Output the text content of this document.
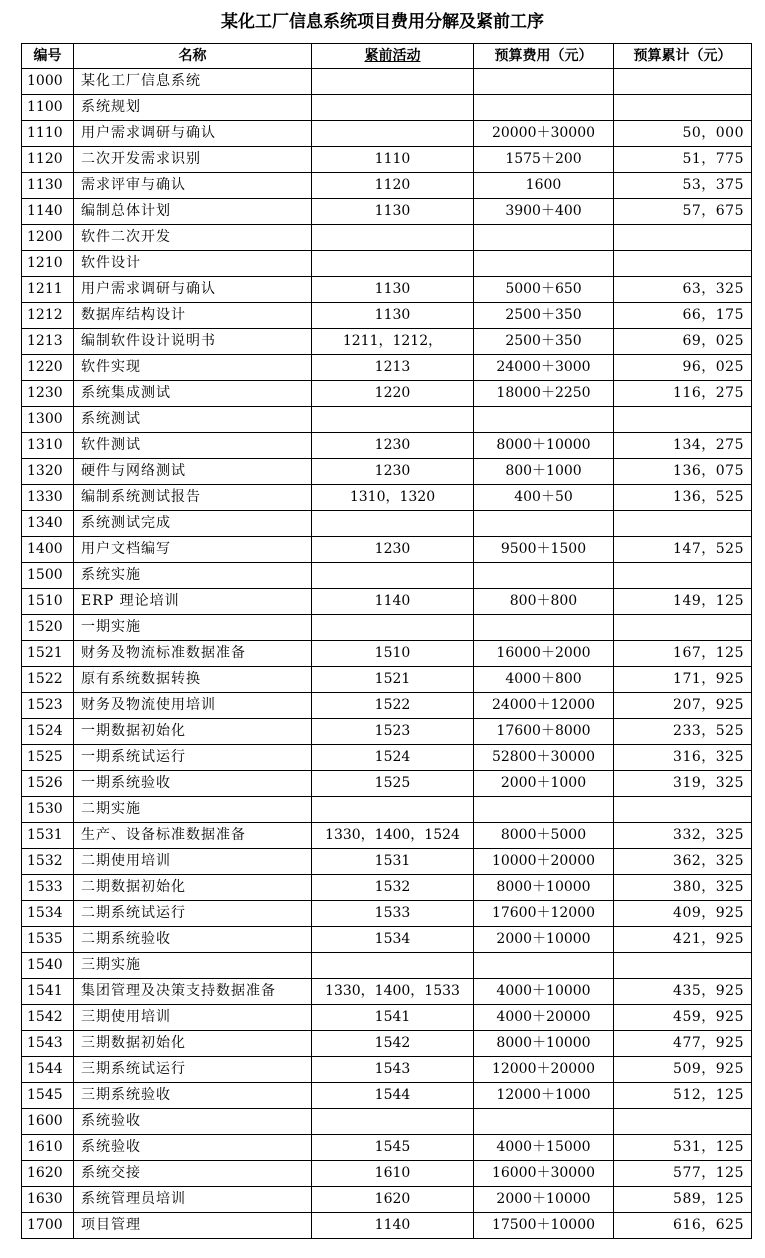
某化工厂信息系统项目费用分解及紧前工序
编号	名称	紧前活动	预算费用（元）	预算累计（元）
1000	某化工厂信息系统			
1100	系统规划			
1110	用户需求调研与确认		20000＋30000	50，000
1120	二次开发需求识别	1110	1575＋200	51，775
1130	需求评审与确认	1120	1600	53，375
1140	编制总体计划	1130	3900＋400	57，675
1200	软件二次开发			
1210	软件设计			
1211	用户需求调研与确认	1130	5000＋650	63，325
1212	数据库结构设计	1130	2500＋350	66，175
1213	编制软件设计说明书	1211，1212，	2500＋350	69，025
1220	软件实现	1213	24000＋3000	96，025
1230	系统集成测试	1220	18000＋2250	116，275
1300	系统测试			
1310	软件测试	1230	8000＋10000	134，275
1320	硬件与网络测试	1230	800＋1000	136，075
1330	编制系统测试报告	1310，1320	400＋50	136，525
1340	系统测试完成			
1400	用户文档编写	1230	9500＋1500	147，525
1500	系统实施			
1510	ERP 理论培训	1140	800＋800	149，125
1520	一期实施			
1521	财务及物流标准数据准备	1510	16000＋2000	167，125
1522	原有系统数据转换	1521	4000＋800	171，925
1523	财务及物流使用培训	1522	24000＋12000	207，925
1524	一期数据初始化	1523	17600＋8000	233，525
1525	一期系统试运行	1524	52800＋30000	316，325
1526	一期系统验收	1525	2000＋1000	319，325
1530	二期实施			
1531	生产、设备标准数据准备	1330，1400，1524	8000＋5000	332，325
1532	二期使用培训	1531	10000＋20000	362，325
1533	二期数据初始化	1532	8000＋10000	380，325
1534	二期系统试运行	1533	17600＋12000	409，925
1535	二期系统验收	1534	2000＋10000	421，925
1540	三期实施			
1541	集团管理及决策支持数据准备	1330，1400，1533	4000＋10000	435，925
1542	三期使用培训	1541	4000＋20000	459，925
1543	三期数据初始化	1542	8000＋10000	477，925
1544	三期系统试运行	1543	12000＋20000	509，925
1545	三期系统验收	1544	12000＋1000	512，125
1600	系统验收			
1610	系统验收	1545	4000＋15000	531，125
1620	系统交接	1610	16000＋30000	577，125
1630	系统管理员培训	1620	2000＋10000	589，125
1700	项目管理	1140	17500＋10000	616，625
